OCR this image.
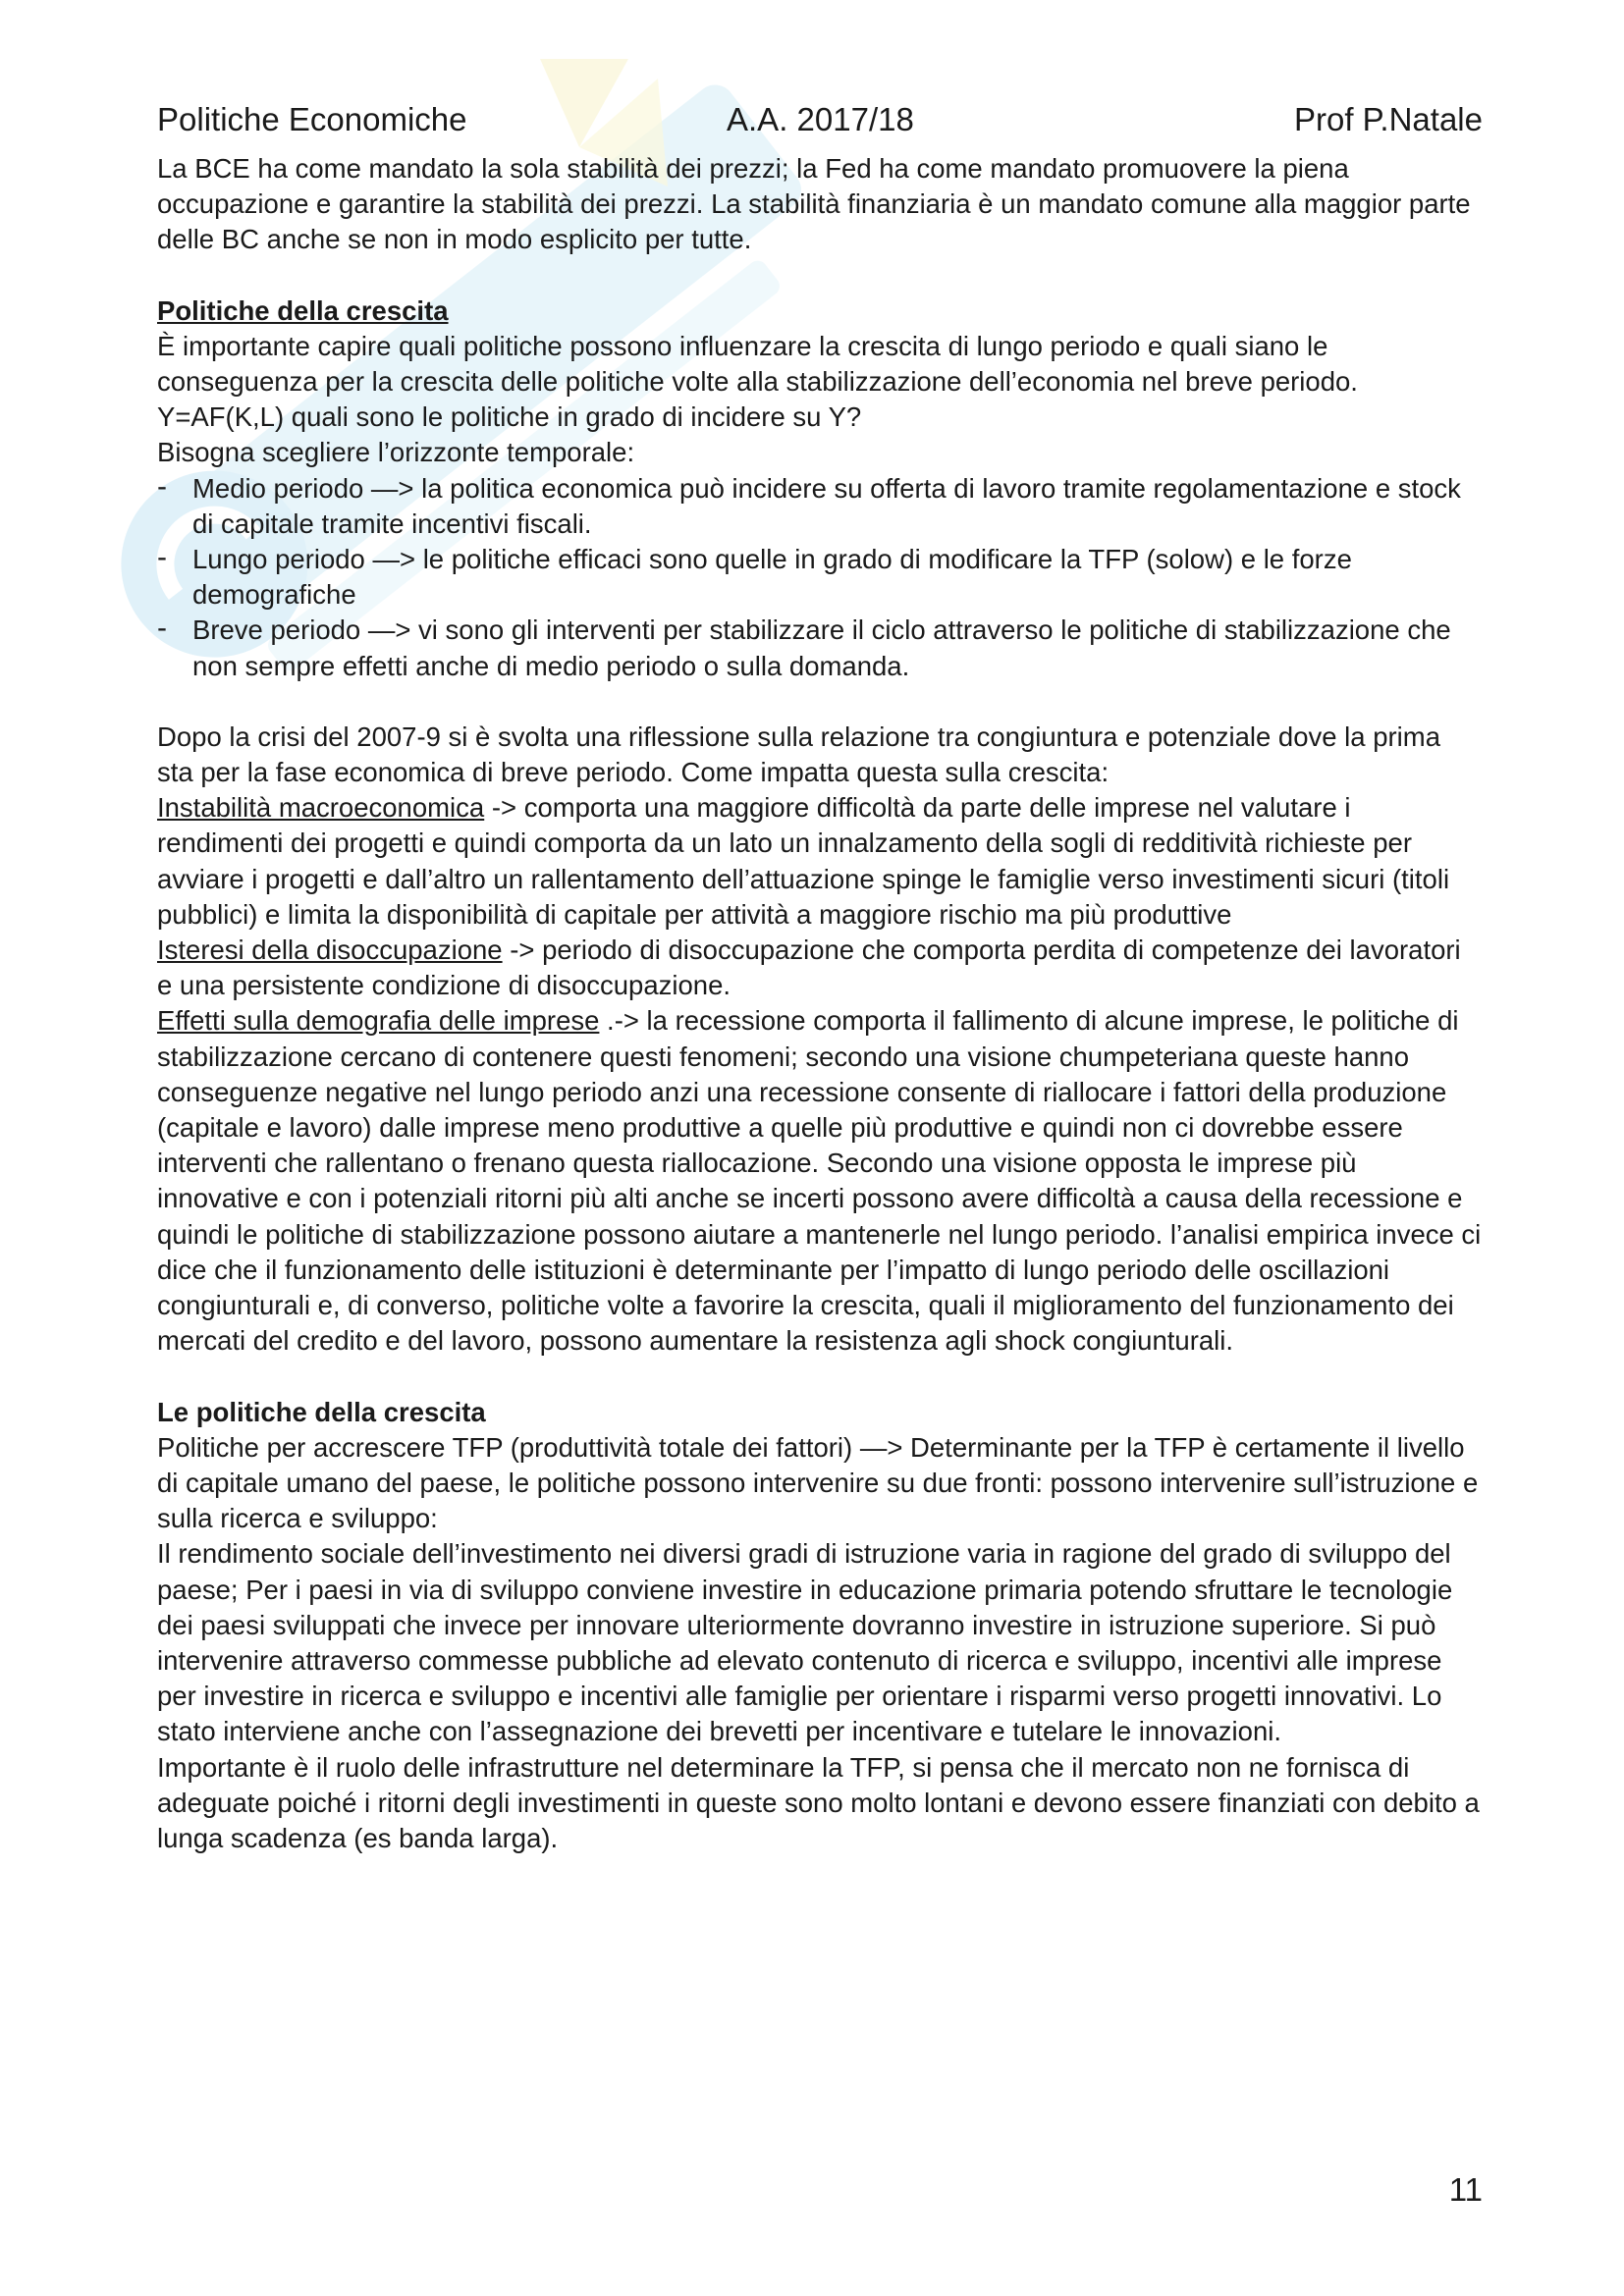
Politiche Economiche	A.A. 2017/18	Prof P.Natale

La BCE ha come mandato la sola stabilità dei prezzi; la Fed ha come mandato promuovere la piena occupazione e garantire la stabilità dei prezzi. La stabilità finanziaria è un mandato comune alla maggior parte delle BC anche se non in modo esplicito per tutte.

Politiche della crescita

È importante capire quali politiche possono influenzare la crescita di lungo periodo e quali siano le conseguenza per la crescita delle politiche volte alla stabilizzazione dell’economia nel breve periodo. Y=AF(K,L) quali sono le politiche in grado di incidere su Y?

Bisogna scegliere l’orizzonte temporale:

- Medio periodo —> la politica economica può incidere su offerta di lavoro tramite regolamentazione e stock di capitale tramite incentivi fiscali.
- Lungo periodo —> le politiche efficaci sono quelle in grado di modificare la TFP (solow) e le forze demografiche
- Breve periodo —> vi sono gli interventi per stabilizzare il ciclo attraverso le politiche di stabilizzazione che non sempre effetti anche di medio periodo o sulla domanda.

Dopo la crisi del 2007-9 si è svolta una riflessione sulla relazione tra congiuntura e potenziale dove la prima sta per la fase economica di breve periodo. Come impatta questa sulla crescita:

Instabilità macroeconomica -> comporta una maggiore difficoltà da parte delle imprese nel valutare i rendimenti dei progetti e quindi comporta da un lato un innalzamento della sogli di redditività richieste per avviare i progetti e dall’altro un rallentamento dell’attuazione spinge le famiglie verso investimenti sicuri (titoli pubblici) e limita la disponibilità di capitale per attività a maggiore rischio ma più produttive

Isteresi della disoccupazione -> periodo di disoccupazione che comporta perdita di competenze dei lavoratori e una persistente condizione di disoccupazione.

Effetti sulla demografia delle imprese .-> la recessione comporta il fallimento di alcune imprese, le politiche di stabilizzazione cercano di contenere questi fenomeni; secondo una visione chumpeteriana queste hanno conseguenze negative nel lungo periodo anzi una recessione consente di riallocare i fattori della produzione (capitale e lavoro) dalle imprese meno produttive a quelle più produttive e quindi non ci dovrebbe essere interventi che rallentano o frenano questa riallocazione. Secondo una visione opposta le imprese più innovative e con i potenziali ritorni più alti anche se incerti possono avere difficoltà a causa della recessione e quindi le politiche di stabilizzazione possono aiutare a mantenerle nel lungo periodo. l’analisi empirica invece ci dice che il funzionamento delle istituzioni è determinante per l’impatto di lungo periodo delle oscillazioni congiunturali e, di converso, politiche volte a favorire la crescita, quali il miglioramento del funzionamento dei mercati del credito e del lavoro, possono aumentare la resistenza agli shock congiunturali.

Le politiche della crescita

Politiche per accrescere TFP (produttività totale dei fattori) —> Determinante per la TFP è certamente il livello di capitale umano del paese, le politiche possono intervenire su due fronti: possono intervenire sull’istruzione e sulla ricerca e sviluppo:

Il rendimento sociale dell’investimento nei diversi gradi di istruzione varia in ragione del grado di sviluppo del paese; Per i paesi in via di sviluppo conviene investire in educazione primaria potendo sfruttare le tecnologie dei paesi sviluppati che invece per innovare ulteriormente dovranno investire in istruzione superiore. Si può intervenire attraverso commesse pubbliche ad elevato contenuto di ricerca e sviluppo, incentivi alle imprese per investire in ricerca e sviluppo e incentivi alle famiglie per orientare i risparmi verso progetti innovativi. Lo stato interviene anche con l’assegnazione dei brevetti per incentivare e tutelare le innovazioni.

Importante è il ruolo delle infrastrutture nel determinare la TFP, si pensa che il mercato non ne fornisca di adeguate poiché i ritorni degli investimenti in queste sono molto lontani e devono essere finanziati con debito a lunga scadenza (es banda larga).

11
